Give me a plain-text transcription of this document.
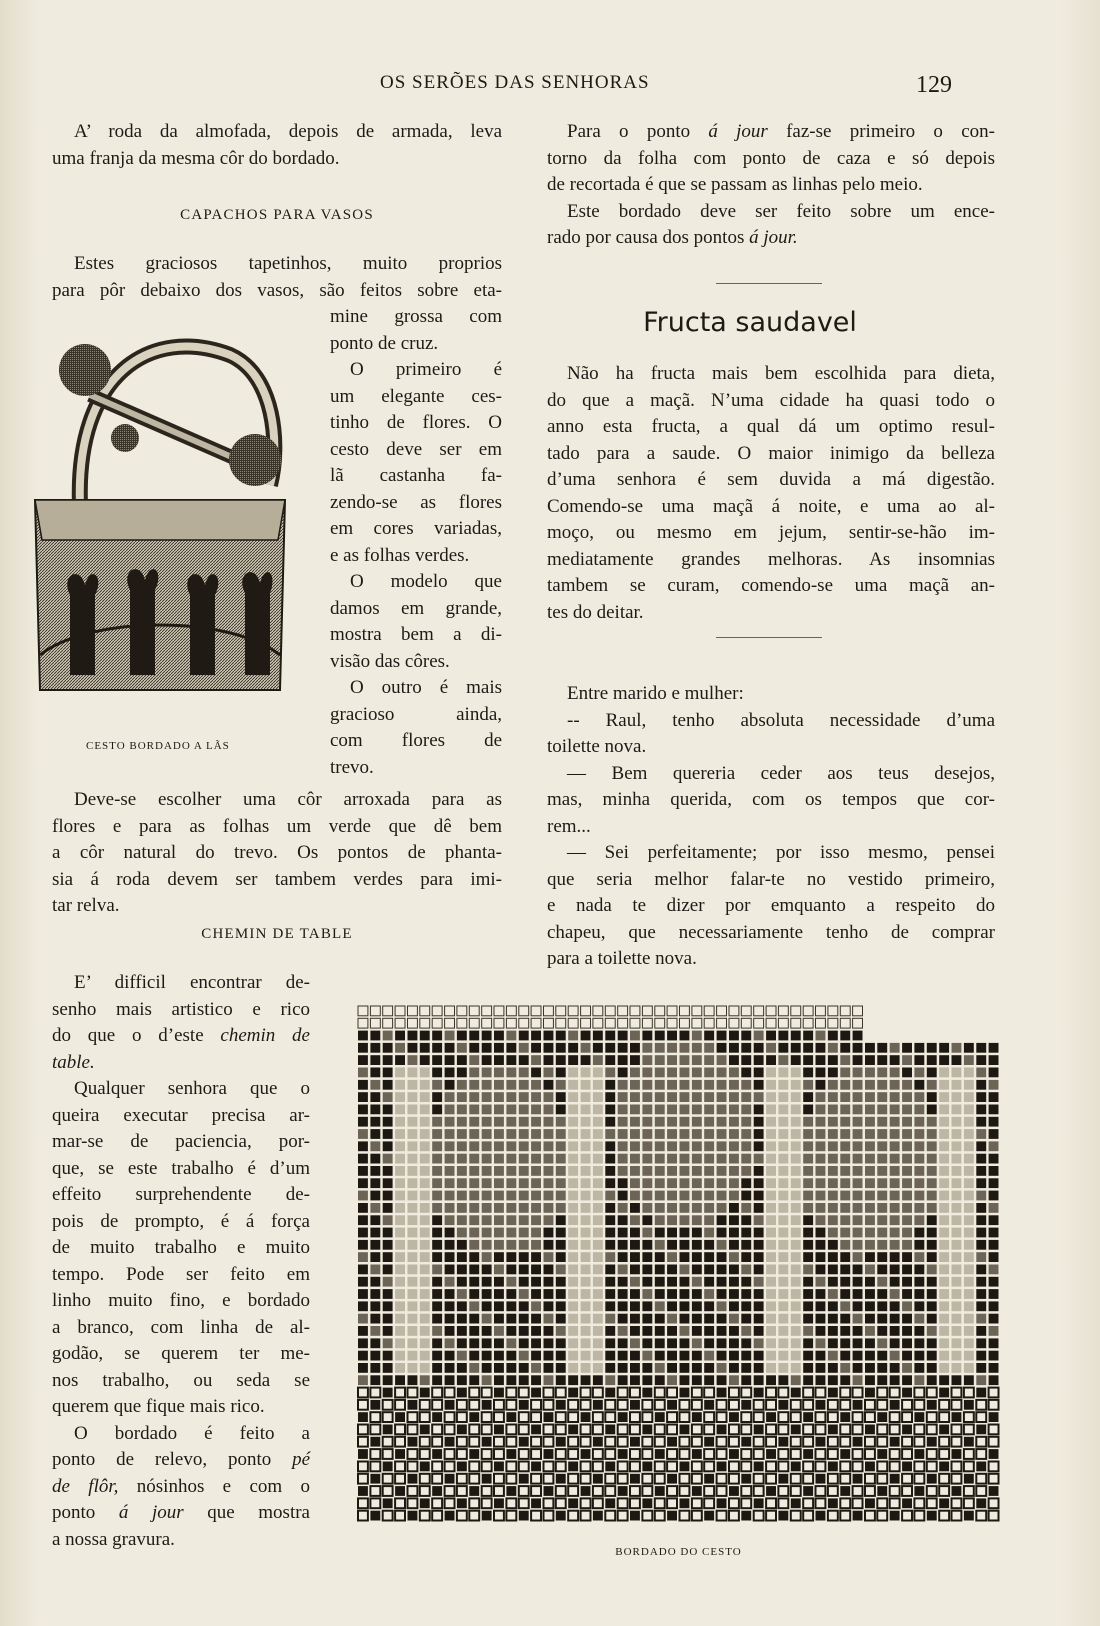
OS SERÕES DAS SENHORAS	129
A’ roda da almofada, depois de armada, leva
uma franja da mesma côr do bordado.
CAPACHOS PARA VASOS
Estes graciosos tapetinhos, muito proprios
para pôr debaixo dos vasos, são feitos sobre eta-
mine grossa com
ponto de cruz.
O primeiro é
um elegante ces-
tinho de flores. O
cesto deve ser em
lã castanha fa-
zendo-se as flores
em cores variadas,
e as folhas verdes.
O modelo que
damos em grande,
mostra bem a di-
visão das côres.
O outro é mais
gracioso ainda,
com flores de
trevo.
CESTO BORDADO A LÃS
Deve-se escolher uma côr arroxada para as
flores e para as folhas um verde que dê bem
a côr natural do trevo. Os pontos de phanta-
sia á roda devem ser tambem verdes para imi-
tar relva.
CHEMIN DE TABLE
E’ difficil encontrar de-
senho mais artistico e rico
do que o d’este chemin de
table.
Qualquer senhora que o
queira executar precisa ar-
mar-se de paciencia, por-
que, se este trabalho é d’um
effeito surprehendente de-
pois de prompto, é á força
de muito trabalho e muito
tempo. Pode ser feito em
linho muito fino, e bordado
a branco, com linha de al-
godão, se querem ter me-
nos trabalho, ou seda se
querem que fique mais rico.
O bordado é feito a
ponto de relevo, ponto pé
de flôr, nósinhos e com o
ponto á jour que mostra
a nossa gravura.
Para o ponto á jour faz-se primeiro o con-
torno da folha com ponto de caza e só depois
de recortada é que se passam as linhas pelo meio.
Este bordado deve ser feito sobre um ence-
rado por causa dos pontos á jour.
Fructa saudavel
Não ha fructa mais bem escolhida para dieta,
do que a maçã. N’uma cidade ha quasi todo o
anno esta fructa, a qual dá um optimo resul-
tado para a saude. O maior inimigo da belleza
d’uma senhora é sem duvida a má digestão.
Comendo-se uma maçã á noite, e uma ao al-
moço, ou mesmo em jejum, sentir-se-hão im-
mediatamente grandes melhoras. As insomnias
tambem se curam, comendo-se uma maçã an-
tes do deitar.
Entre marido e mulher:
-- Raul, tenho absoluta necessidade d’uma
toilette nova.
— Bem quereria ceder aos teus desejos,
mas, minha querida, com os tempos que cor-
rem...
— Sei perfeitamente; por isso mesmo, pensei
que seria melhor falar-te no vestido primeiro,
e nada te dizer por emquanto a respeito do
chapeu, que necessariamente tenho de comprar
para a toilette nova.
BORDADO DO CESTO
